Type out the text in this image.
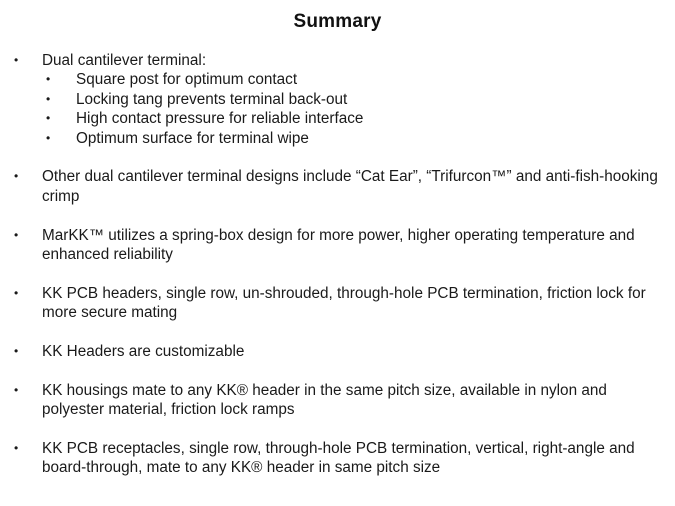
Summary
•	Dual cantilever terminal:
•	Square post for optimum contact
•	Locking tang prevents terminal back-out
•	High contact pressure for reliable interface
•	Optimum surface for terminal wipe
•	Other dual cantilever terminal designs include “Cat Ear”, “Trifurcon™” and anti-fish-hooking crimp
•	MarKK™ utilizes a spring-box design for more power, higher operating temperature and enhanced reliability
•	KK PCB headers, single row, un-shrouded, through-hole PCB termination, friction lock for more secure mating
•	KK Headers are customizable
•	KK housings mate to any KK® header in the same pitch size, available in nylon and polyester material, friction lock ramps
•	KK PCB receptacles, single row, through-hole PCB termination, vertical, right-angle and board-through, mate to any KK® header in same pitch size
